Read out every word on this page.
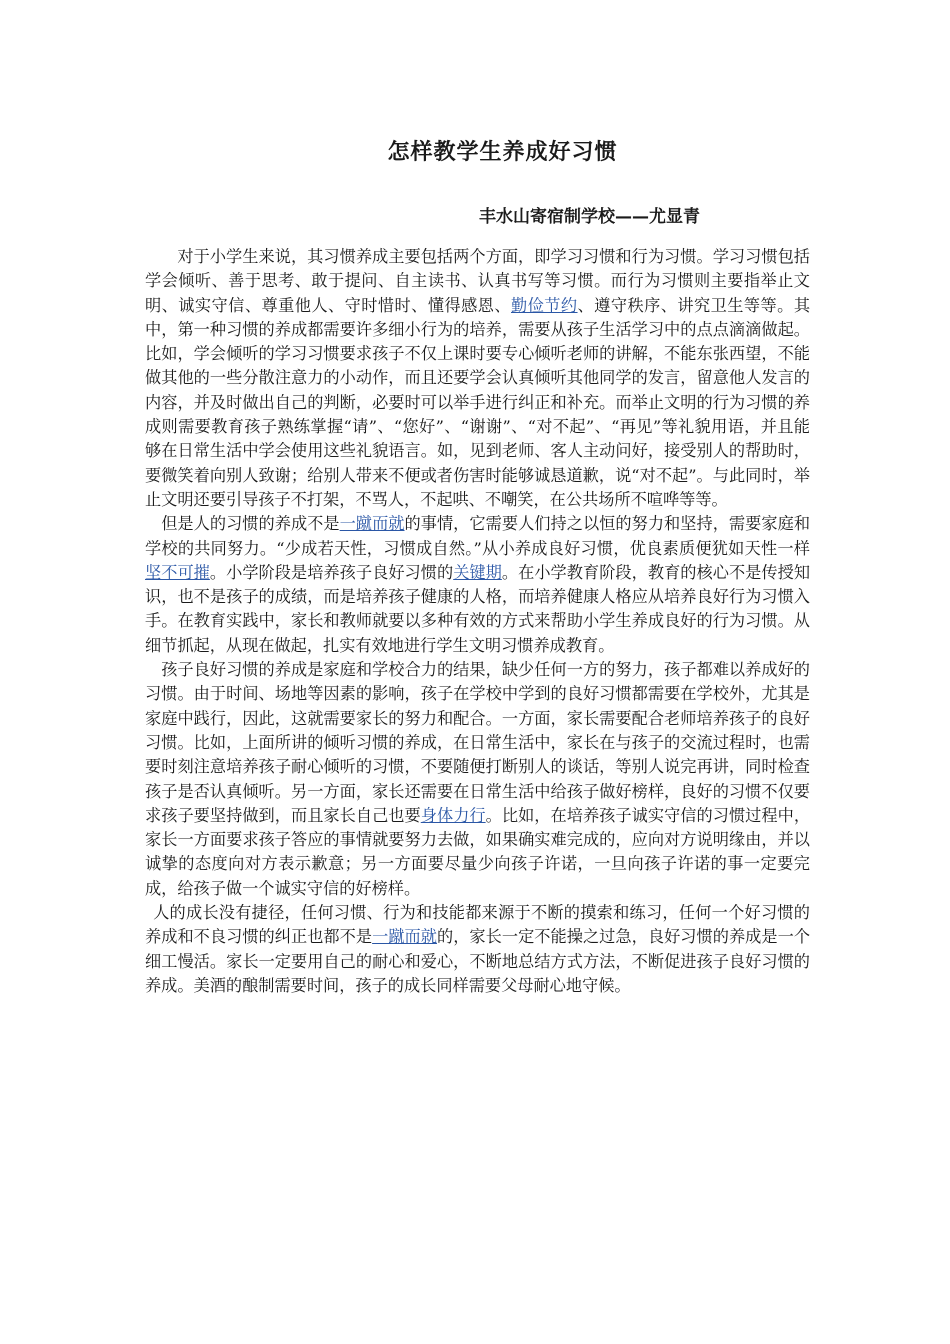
怎样教学生养成好习惯
丰水山寄宿制学校——尤显青

对于小学生来说，其习惯养成主要包括两个方面，即学习习惯和行为习惯。学习习惯包括学会倾听、善于思考、敢于提问、自主读书、认真书写等习惯。而行为习惯则主要指举止文明、诚实守信、尊重他人、守时惜时、懂得感恩、勤俭节约、遵守秩序、讲究卫生等等。其中，第一种习惯的养成都需要许多细小行为的培养，需要从孩子生活学习中的点点滴滴做起。比如，学会倾听的学习习惯要求孩子不仅上课时要专心倾听老师的讲解，不能东张西望，不能做其他的一些分散注意力的小动作，而且还要学会认真倾听其他同学的发言，留意他人发言的内容，并及时做出自己的判断，必要时可以举手进行纠正和补充。而举止文明的行为习惯的养成则需要教育孩子熟练掌握“请”、“您好”、“谢谢”、“对不起”、“再见”等礼貌用语，并且能够在日常生活中学会使用这些礼貌语言。如，见到老师、客人主动问好，接受别人的帮助时，要微笑着向别人致谢；给别人带来不便或者伤害时能够诚恳道歉，说“对不起”。与此同时，举止文明还要引导孩子不打架，不骂人，不起哄、不嘲笑，在公共场所不喧哗等等。

但是人的习惯的养成不是一蹴而就的事情，它需要人们持之以恒的努力和坚持，需要家庭和学校的共同努力。“少成若天性，习惯成自然。”从小养成良好习惯，优良素质便犹如天性一样坚不可摧。小学阶段是培养孩子良好习惯的关键期。在小学教育阶段，教育的核心不是传授知识，也不是孩子的成绩，而是培养孩子健康的人格，而培养健康人格应从培养良好行为习惯入手。在教育实践中，家长和教师就要以多种有效的方式来帮助小学生养成良好的行为习惯。从细节抓起，从现在做起，扎实有效地进行学生文明习惯养成教育。

孩子良好习惯的养成是家庭和学校合力的结果，缺少任何一方的努力，孩子都难以养成好的习惯。由于时间、场地等因素的影响，孩子在学校中学到的良好习惯都需要在学校外，尤其是家庭中践行，因此，这就需要家长的努力和配合。一方面，家长需要配合老师培养孩子的良好习惯。比如，上面所讲的倾听习惯的养成，在日常生活中，家长在与孩子的交流过程时，也需要时刻注意培养孩子耐心倾听的习惯，不要随便打断别人的谈话，等别人说完再讲，同时检查孩子是否认真倾听。另一方面，家长还需要在日常生活中给孩子做好榜样，良好的习惯不仅要求孩子要坚持做到，而且家长自己也要身体力行。比如，在培养孩子诚实守信的习惯过程中，家长一方面要求孩子答应的事情就要努力去做，如果确实难完成的，应向对方说明缘由，并以诚挚的态度向对方表示歉意；另一方面要尽量少向孩子许诺，一旦向孩子许诺的事一定要完成，给孩子做一个诚实守信的好榜样。

人的成长没有捷径，任何习惯、行为和技能都来源于不断的摸索和练习，任何一个好习惯的养成和不良习惯的纠正也都不是一蹴而就的，家长一定不能操之过急，良好习惯的养成是一个细工慢活。家长一定要用自己的耐心和爱心，不断地总结方式方法，不断促进孩子良好习惯的养成。美酒的酿制需要时间，孩子的成长同样需要父母耐心地守候。
